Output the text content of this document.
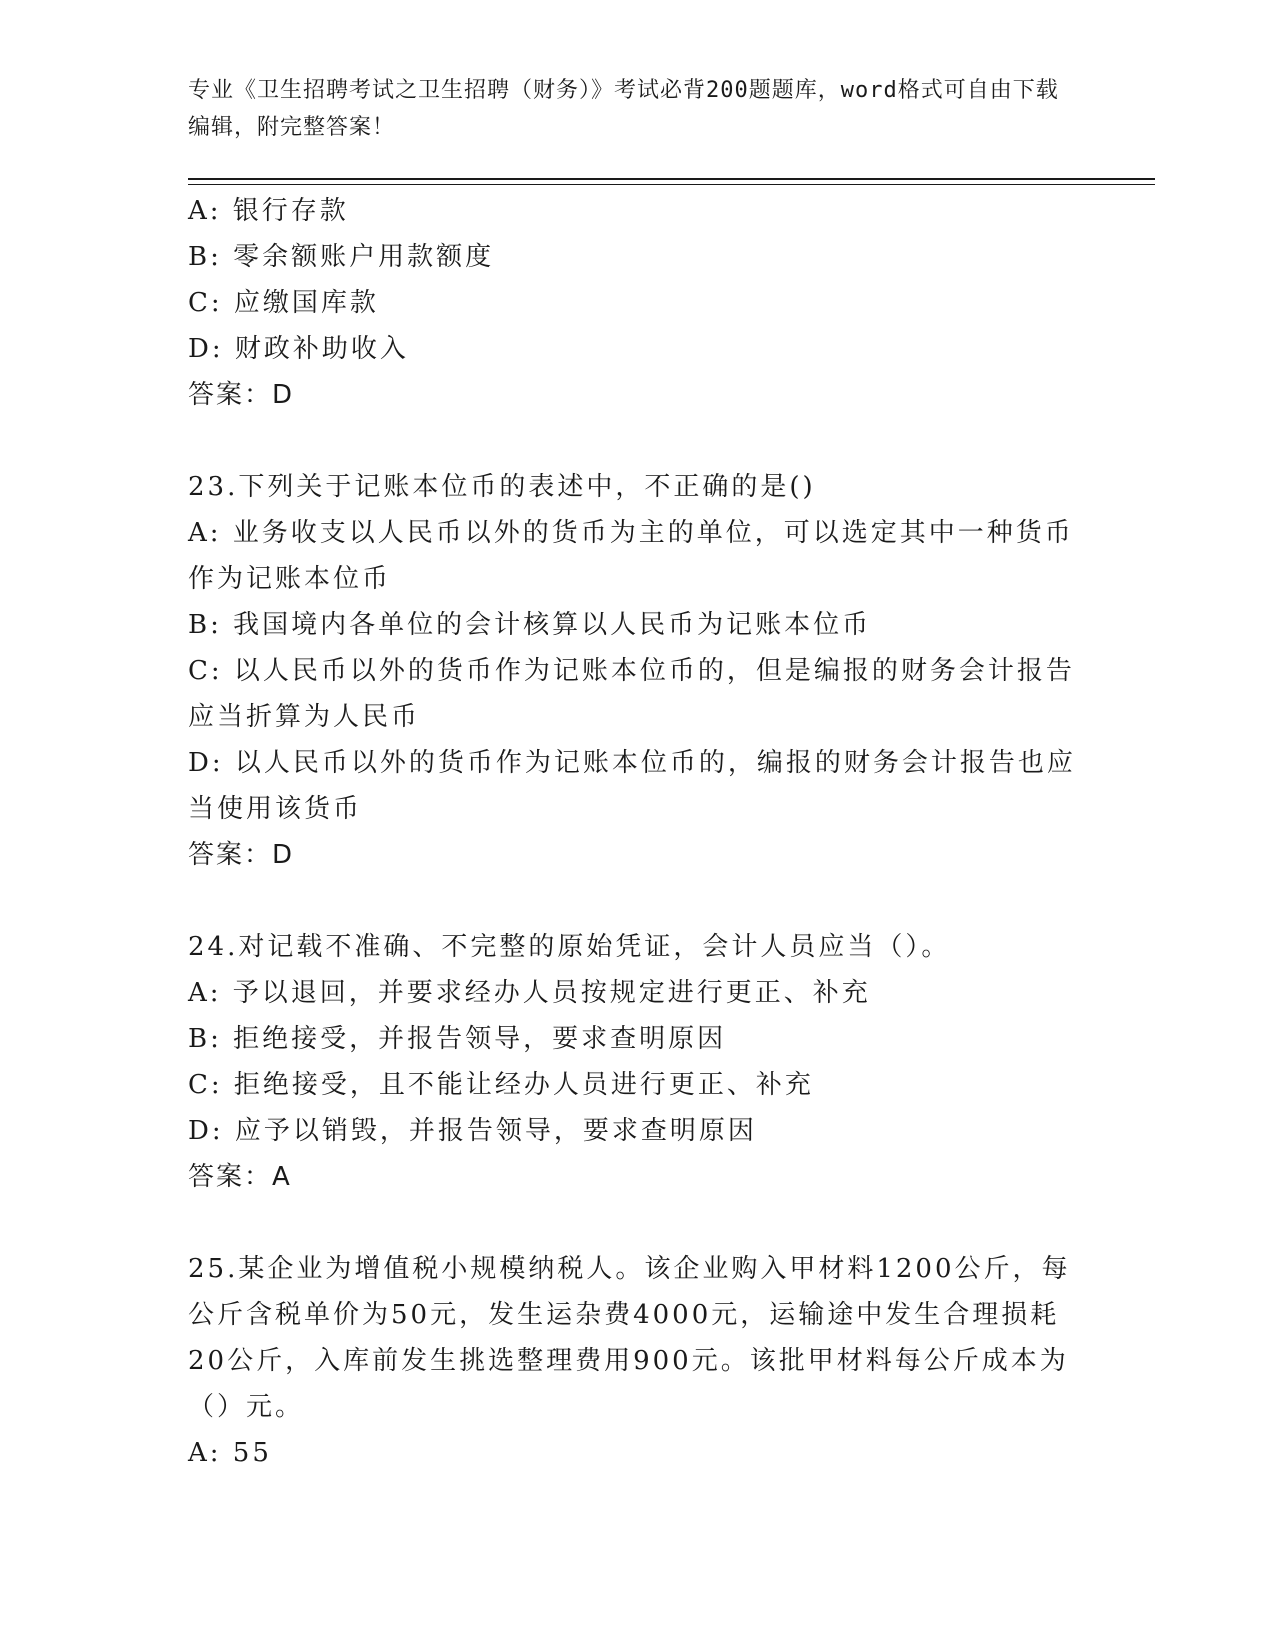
专业《卫生招聘考试之卫生招聘（财务）》考试必背200题题库，word格式可自由下载编辑，附完整答案！
A: 银行存款
B: 零余额账户用款额度
C: 应缴国库款
D: 财政补助收入
答案：D
23.下列关于记账本位币的表述中，不正确的是()
A: 业务收支以人民币以外的货币为主的单位，可以选定其中一种货币作为记账本位币
B: 我国境内各单位的会计核算以人民币为记账本位币
C: 以人民币以外的货币作为记账本位币的，但是编报的财务会计报告应当折算为人民币
D: 以人民币以外的货币作为记账本位币的，编报的财务会计报告也应当使用该货币
答案：D
24.对记载不准确、不完整的原始凭证，会计人员应当（）。
A: 予以退回，并要求经办人员按规定进行更正、补充
B: 拒绝接受，并报告领导，要求查明原因
C: 拒绝接受，且不能让经办人员进行更正、补充
D: 应予以销毁，并报告领导，要求查明原因
答案：A
25.某企业为增值税小规模纳税人。该企业购入甲材料1200公斤，每公斤含税单价为50元，发生运杂费4000元，运输途中发生合理损耗20公斤，入库前发生挑选整理费用900元。该批甲材料每公斤成本为（）元。
A: 55
